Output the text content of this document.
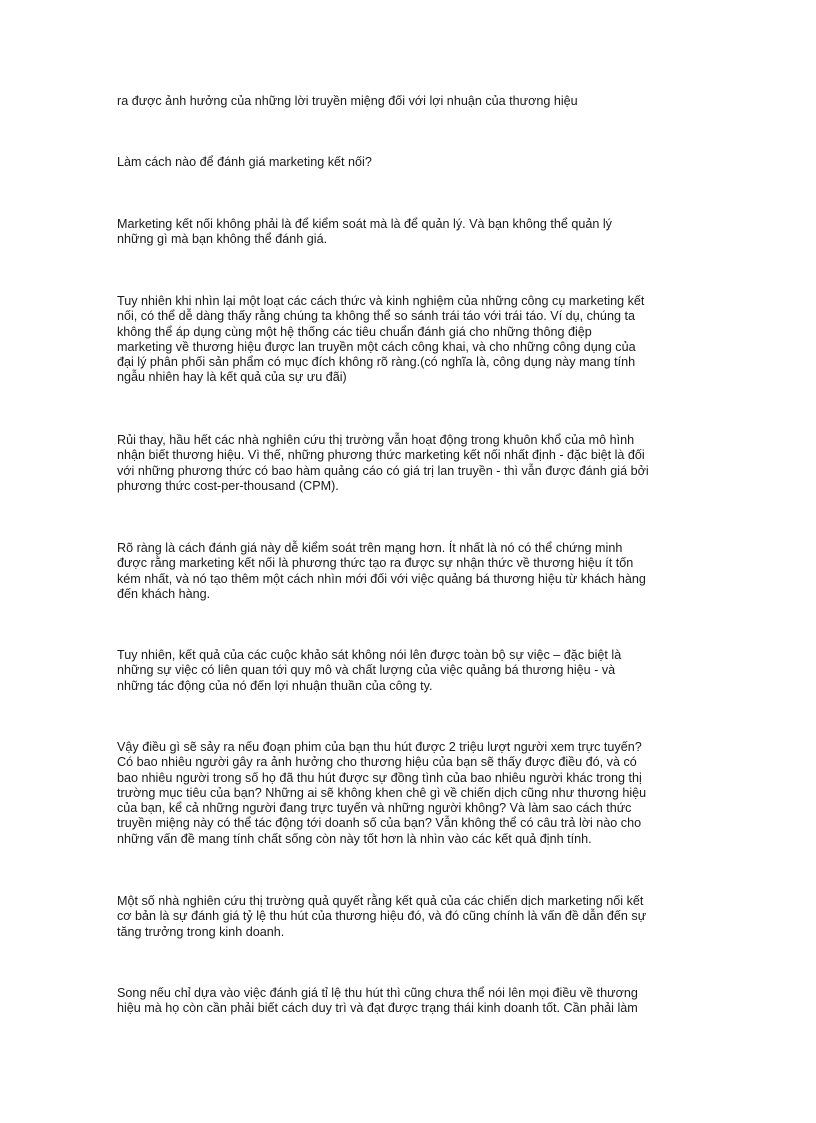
ra được ảnh hưởng của những lời truyền miệng đối với lợi nhuận của thương hiệu
Làm cách nào để đánh giá marketing kết nối?
Marketing kết nối không phải là để kiểm soát mà là để quản lý. Và bạn không thể quản lý
những gì mà bạn không thể đánh giá.
Tuy nhiên khi nhìn lại một loạt các cách thức và kinh nghiệm của những công cụ marketing kết
nối, có thể dễ dàng thấy rằng chúng ta không thể so sánh trái táo với trái táo. Ví dụ, chúng ta
không thể áp dụng cùng một hệ thống các tiêu chuẩn đánh giá cho những thông điệp
marketing về thương hiệu được lan truyền một cách công khai, và cho những công dụng của
đại lý phân phối sản phẩm có mục đích không rõ ràng.(có nghĩa là, công dụng này mang tính
ngẫu nhiên hay là kết quả của sự ưu đãi)
Rủi thay, hầu hết các nhà nghiên cứu thị trường vẫn hoạt động trong khuôn khổ của mô hình
nhận biết thương hiệu. Vì thế, những phương thức marketing kết nối nhất định - đặc biệt là đối
với những phương thức có bao hàm quảng cáo có giá trị lan truyền - thì vẫn được đánh giá bởi
phương thức cost-per-thousand (CPM).
Rõ ràng là cách đánh giá này dễ kiểm soát trên mạng hơn. Ít nhất là nó có thể chứng minh
được rằng marketing kết nối là phương thức tạo ra được sự nhận thức về thương hiệu ít tốn
kém nhất, và nó tạo thêm một cách nhìn mới đối với việc quảng bá thương hiệu từ khách hàng
đến khách hàng.
Tuy nhiên, kết quả của các cuộc khảo sát không nói lên được toàn bộ sự việc – đặc biệt là
những sự việc có liên quan tới quy mô và chất lượng của việc quảng bá thương hiệu - và
những tác động của nó đến lợi nhuận thuần của công ty.
Vậy điều gì sẽ sảy ra nếu đoạn phim của bạn thu hút được 2 triệu lượt người xem trực tuyến?
Có bao nhiêu người gây ra ảnh hưởng cho thương hiệu của bạn sẽ thấy được điều đó, và có
bao nhiêu người trong số họ đã thu hút được sự đồng tình của bao nhiêu người khác trong thị
trường mục tiêu của bạn? Những ai sẽ không khen chê gì về chiến dịch cũng như thương hiệu
của bạn, kể cả những người đang trực tuyến và những người không? Và làm sao cách thức
truyền miệng này có thể tác động tới doanh số của bạn? Vẫn không thể có câu trả lời nào cho
những vấn đề mang tính chất sống còn này tốt hơn là nhìn vào các kết quả định tính.
Một số nhà nghiên cứu thị trường quả quyết rằng kết quả của các chiến dịch marketing nối kết
cơ bản là sự đánh giá tỷ lệ thu hút của thương hiệu đó, và đó cũng chính là vấn đề dẫn đến sự
tăng trưởng trong kinh doanh.
Song nếu chỉ dựa vào việc đánh giá tỉ lệ thu hút thì cũng chưa thể nói lên mọi điều về thương
hiệu mà họ còn cần phải biết cách duy trì và đạt được trạng thái kinh doanh tốt. Cần phải làm
